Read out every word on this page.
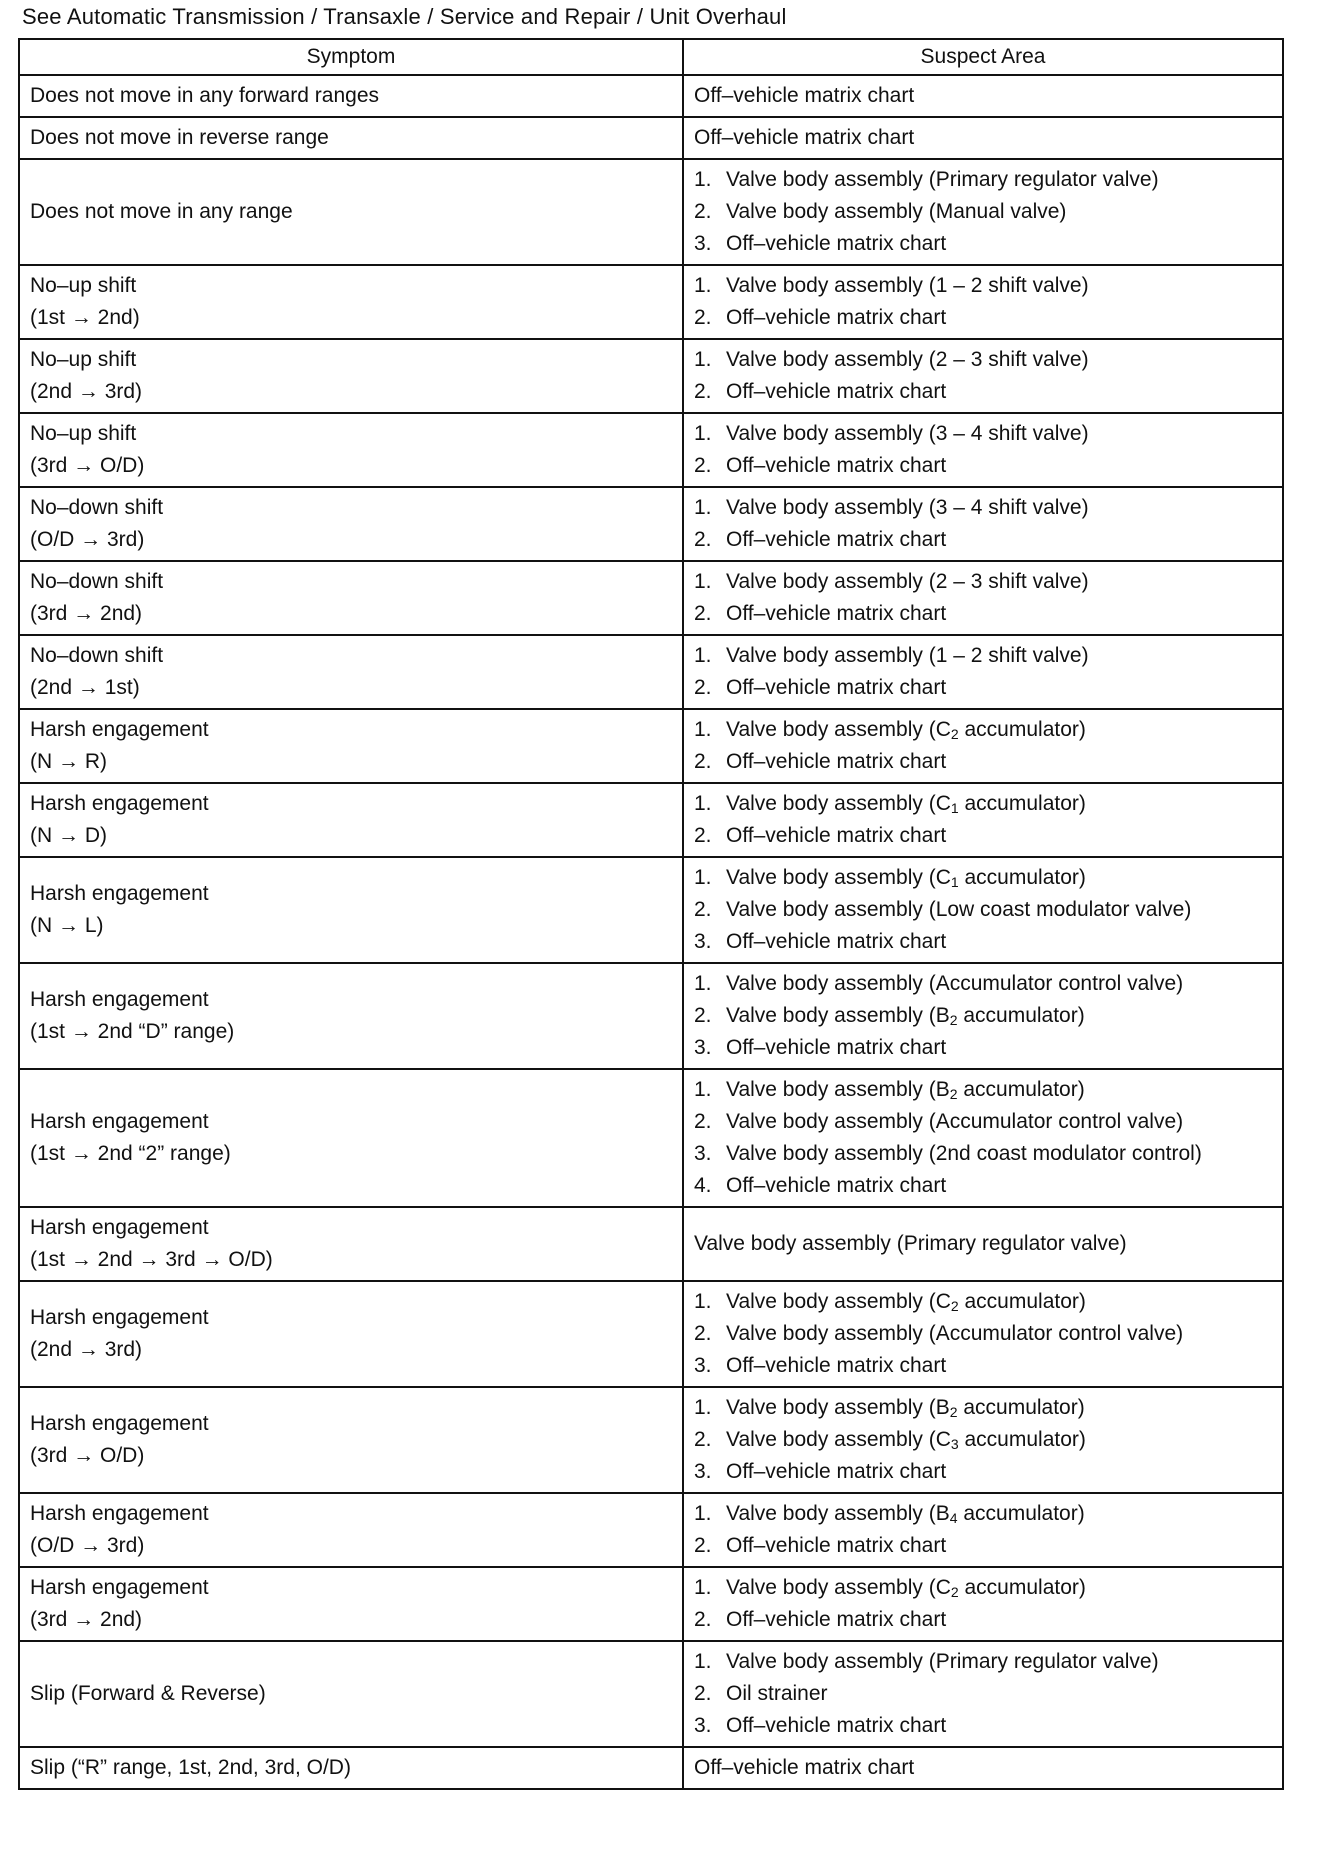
See Automatic Transmission / Transaxle / Service and Repair / Unit Overhaul
Symptom	Suspect Area

Does not move in any forward ranges	Off–vehicle matrix chart

Does not move in reverse range	Off–vehicle matrix chart

Does not move in any range	1. Valve body assembly (Primary regulator valve)
2. Valve body assembly (Manual valve)
3. Off–vehicle matrix chart

No–up shift
(1st → 2nd)	1. Valve body assembly (1 – 2 shift valve)
2. Off–vehicle matrix chart

No–up shift
(2nd → 3rd)	1. Valve body assembly (2 – 3 shift valve)
2. Off–vehicle matrix chart

No–up shift
(3rd → O/D)	1. Valve body assembly (3 – 4 shift valve)
2. Off–vehicle matrix chart

No–down shift
(O/D → 3rd)	1. Valve body assembly (3 – 4 shift valve)
2. Off–vehicle matrix chart

No–down shift
(3rd → 2nd)	1. Valve body assembly (2 – 3 shift valve)
2. Off–vehicle matrix chart

No–down shift
(2nd → 1st)	1. Valve body assembly (1 – 2 shift valve)
2. Off–vehicle matrix chart

Harsh engagement
(N → R)	1. Valve body assembly ($C_2$ accumulator)
2. Off–vehicle matrix chart

Harsh engagement
(N → D)	1. Valve body assembly ($C_1$ accumulator)
2. Off–vehicle matrix chart

Harsh engagement
(N → L)	1. Valve body assembly ($C_1$ accumulator)
2. Valve body assembly (Low coast modulator valve)
3. Off–vehicle matrix chart

Harsh engagement
(1st → 2nd “D” range)	1. Valve body assembly (Accumulator control valve)
2. Valve body assembly ($B_2$ accumulator)
3. Off–vehicle matrix chart

Harsh engagement
(1st → 2nd “2” range)	1. Valve body assembly ($B_2$ accumulator)
2. Valve body assembly (Accumulator control valve)
3. Valve body assembly (2nd coast modulator control)
4. Off–vehicle matrix chart

Harsh engagement
(1st → 2nd → 3rd → O/D)	Valve body assembly (Primary regulator valve)

Harsh engagement
(2nd → 3rd)	1. Valve body assembly ($C_2$ accumulator)
2. Valve body assembly (Accumulator control valve)
3. Off–vehicle matrix chart

Harsh engagement
(3rd → O/D)	1. Valve body assembly ($B_2$ accumulator)
2. Valve body assembly ($C_3$ accumulator)
3. Off–vehicle matrix chart

Harsh engagement
(O/D → 3rd)	1. Valve body assembly ($B_4$ accumulator)
2. Off–vehicle matrix chart

Harsh engagement
(3rd → 2nd)	1. Valve body assembly ($C_2$ accumulator)
2. Off–vehicle matrix chart

Slip (Forward & Reverse)	1. Valve body assembly (Primary regulator valve)
2. Oil strainer
3. Off–vehicle matrix chart

Slip (“R” range, 1st, 2nd, 3rd, O/D)	Off–vehicle matrix chart
